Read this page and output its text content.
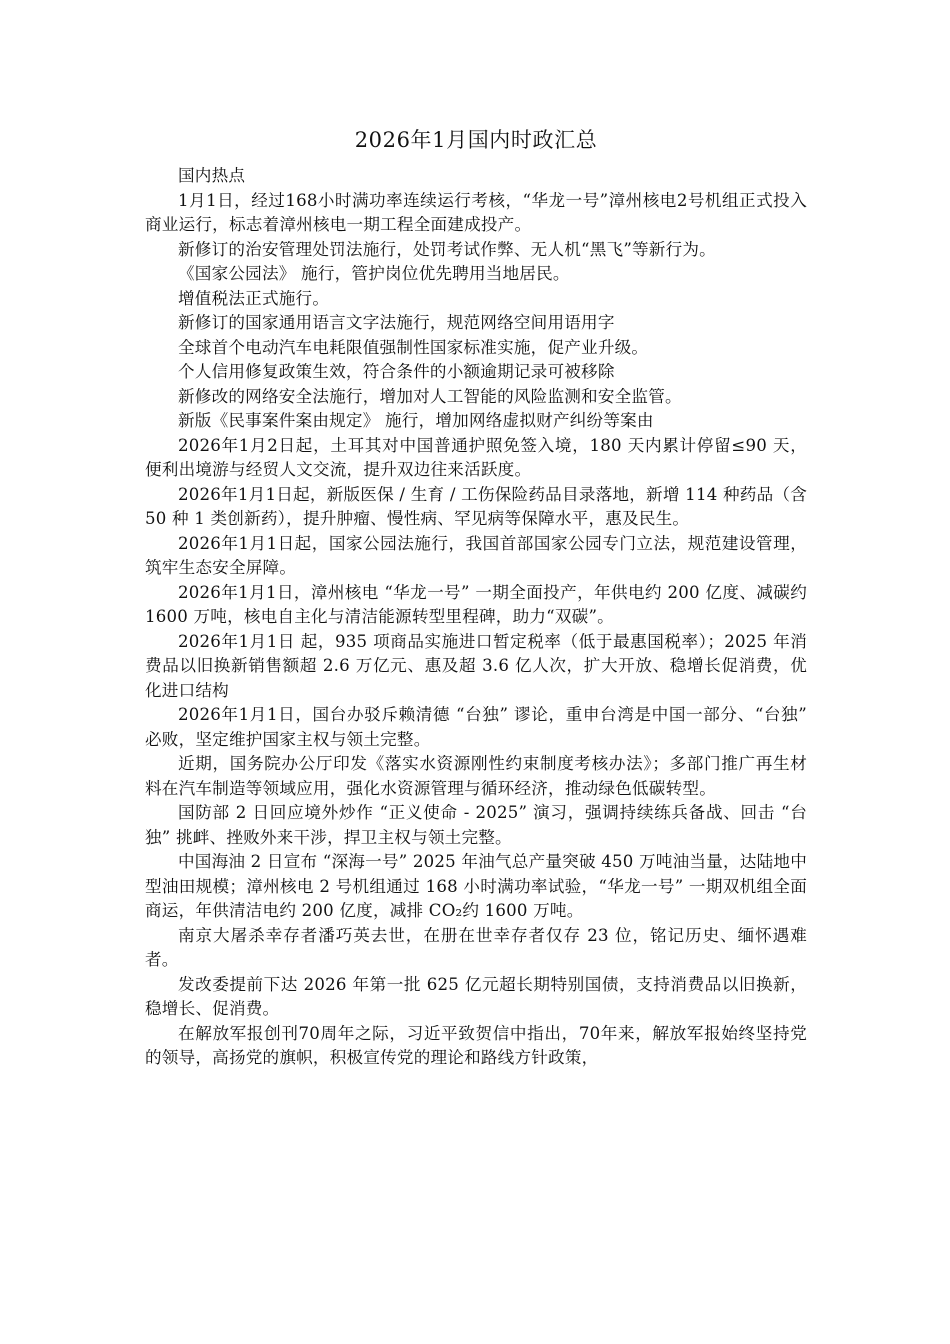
2026年1月国内时政汇总

国内热点

1月1日，经过168小时满功率连续运行考核，“华龙一号”漳州核电2号机组正式投入商业运行，标志着漳州核电一期工程全面建成投产。

新修订的治安管理处罚法施行，处罚考试作弊、无人机“黑飞”等新行为。

《国家公园法》 施行，管护岗位优先聘用当地居民。

增值税法正式施行。

新修订的国家通用语言文字法施行，规范网络空间用语用字

全球首个电动汽车电耗限值强制性国家标准实施，促产业升级。

个人信用修复政策生效，符合条件的小额逾期记录可被移除

新修改的网络安全法施行，增加对人工智能的风险监测和安全监管。

新版《民事案件案由规定》 施行，增加网络虚拟财产纠纷等案由

2026年1月2日起，土耳其对中国普通护照免签入境，180 天内累计停留≤90 天，便利出境游与经贸人文交流，提升双边往来活跃度。

2026年1月1日起，新版医保 / 生育 / 工伤保险药品目录落地，新增 114 种药品（含 50 种 1 类创新药），提升肿瘤、慢性病、罕见病等保障水平，惠及民生。

2026年1月1日起，国家公园法施行，我国首部国家公园专门立法，规范建设管理，筑牢生态安全屏障。

2026年1月1日，漳州核电 “华龙一号” 一期全面投产，年供电约 200 亿度、减碳约 1600 万吨，核电自主化与清洁能源转型里程碑，助力“双碳”。

2026年1月1日 起，935 项商品实施进口暂定税率（低于最惠国税率）；2025 年消费品以旧换新销售额超 2.6 万亿元、惠及超 3.6 亿人次，扩大开放、稳增长促消费，优化进口结构

2026年1月1日，国台办驳斥赖清德 “台独” 谬论，重申台湾是中国一部分、“台独” 必败，坚定维护国家主权与领土完整。

近期，国务院办公厅印发《落实水资源刚性约束制度考核办法》；多部门推广再生材料在汽车制造等领域应用，强化水资源管理与循环经济，推动绿色低碳转型。

国防部 2 日回应境外炒作 “正义使命 - 2025” 演习，强调持续练兵备战、回击 “台独” 挑衅、挫败外来干涉，捍卫主权与领土完整。

中国海油 2 日宣布 “深海一号” 2025 年油气总产量突破 450 万吨油当量，达陆地中型油田规模；漳州核电 2 号机组通过 168 小时满功率试验，“华龙一号” 一期双机组全面商运，年供清洁电约 200 亿度，减排 CO₂约 1600 万吨。

南京大屠杀幸存者潘巧英去世，在册在世幸存者仅存 23 位，铭记历史、缅怀遇难者。

发改委提前下达 2026 年第一批 625 亿元超长期特别国债，支持消费品以旧换新，稳增长、促消费。

在解放军报创刊70周年之际，习近平致贺信中指出，70年来，解放军报始终坚持党的领导，高扬党的旗帜，积极宣传党的理论和路线方针政策，
